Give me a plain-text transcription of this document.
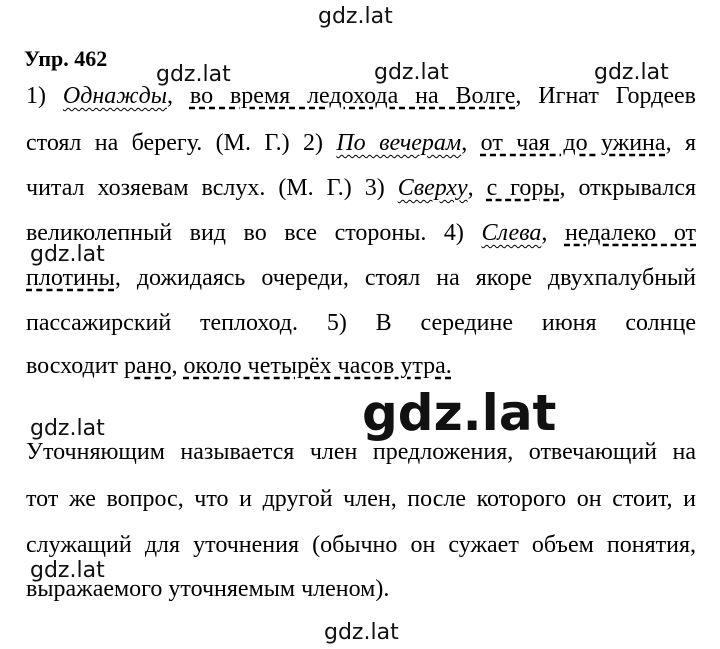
gdz.lat
gdz.lat	gdz.lat	gdz.lat
gdz.lat
gdz.lat
gdz.lat
gdz.lat
gdz.lat
Упр. 462
1) Однажды, во время ледохода на Волге, Игнат Гордеев
стоял на берегу. (М. Г.) 2) По вечерам, от чая до ужина, я
читал хозяевам вслух. (М. Г.) 3) Сверху, с горы, открывался
великолепный вид во все стороны. 4) Слева, недалеко от
плотины, дожидаясь очереди, стоял на якоре двухпалубный
пассажирский теплоход. 5) В середине июня солнце
восходит рано, около четырёх часов утра.
Уточняющим называется член предложения, отвечающий на
тот же вопрос, что и другой член, после которого он стоит, и
служащий для уточнения (обычно он сужает объем понятия,
выражаемого уточняемым членом).
